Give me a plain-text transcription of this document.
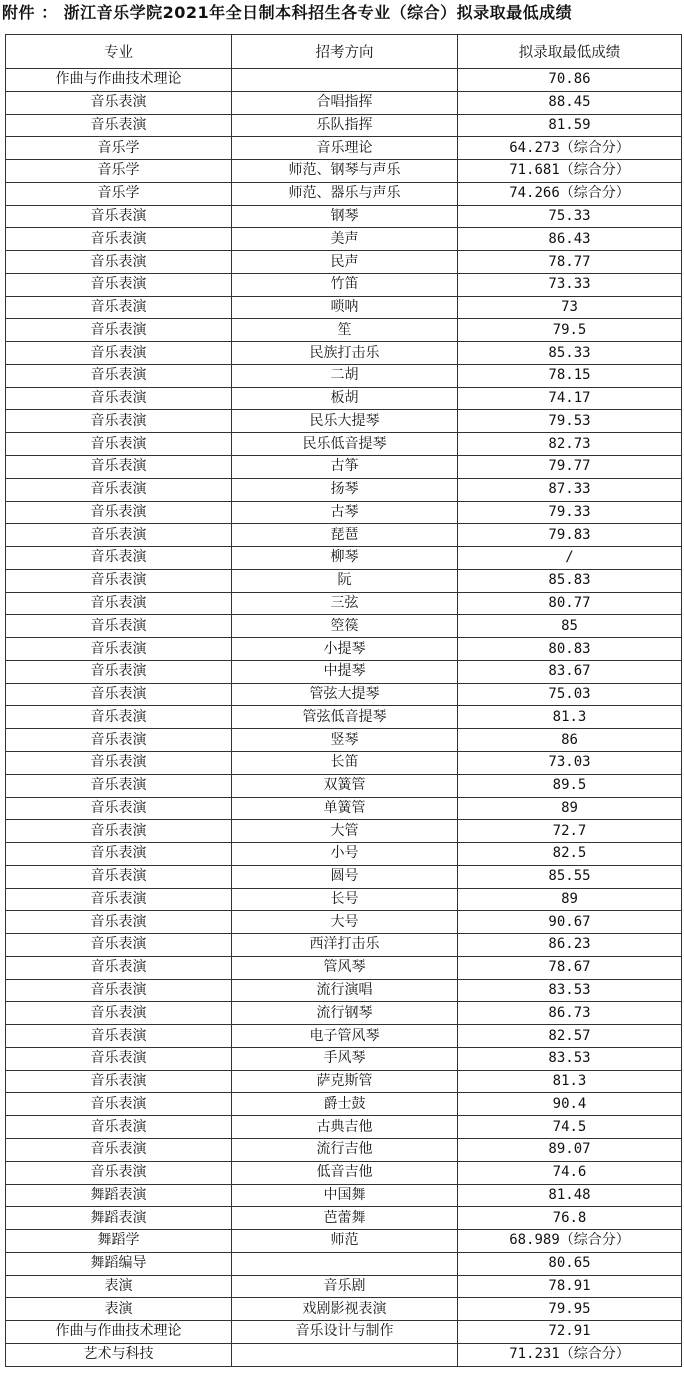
附件 ： 浙江音乐学院2021年全日制本科招生各专业（综合）拟录取最低成绩
专业	招考方向	拟录取最低成绩
作曲与作曲技术理论		70.86
音乐表演	合唱指挥	88.45
音乐表演	乐队指挥	81.59
音乐学	音乐理论	64.273（综合分）
音乐学	师范、钢琴与声乐	71.681（综合分）
音乐学	师范、器乐与声乐	74.266（综合分）
音乐表演	钢琴	75.33
音乐表演	美声	86.43
音乐表演	民声	78.77
音乐表演	竹笛	73.33
音乐表演	唢呐	73
音乐表演	笙	79.5
音乐表演	民族打击乐	85.33
音乐表演	二胡	78.15
音乐表演	板胡	74.17
音乐表演	民乐大提琴	79.53
音乐表演	民乐低音提琴	82.73
音乐表演	古筝	79.77
音乐表演	扬琴	87.33
音乐表演	古琴	79.33
音乐表演	琵琶	79.83
音乐表演	柳琴	/
音乐表演	阮	85.83
音乐表演	三弦	80.77
音乐表演	箜篌	85
音乐表演	小提琴	80.83
音乐表演	中提琴	83.67
音乐表演	管弦大提琴	75.03
音乐表演	管弦低音提琴	81.3
音乐表演	竖琴	86
音乐表演	长笛	73.03
音乐表演	双簧管	89.5
音乐表演	单簧管	89
音乐表演	大管	72.7
音乐表演	小号	82.5
音乐表演	圆号	85.55
音乐表演	长号	89
音乐表演	大号	90.67
音乐表演	西洋打击乐	86.23
音乐表演	管风琴	78.67
音乐表演	流行演唱	83.53
音乐表演	流行钢琴	86.73
音乐表演	电子管风琴	82.57
音乐表演	手风琴	83.53
音乐表演	萨克斯管	81.3
音乐表演	爵士鼓	90.4
音乐表演	古典吉他	74.5
音乐表演	流行吉他	89.07
音乐表演	低音吉他	74.6
舞蹈表演	中国舞	81.48
舞蹈表演	芭蕾舞	76.8
舞蹈学	师范	68.989（综合分）
舞蹈编导		80.65
表演	音乐剧	78.91
表演	戏剧影视表演	79.95
作曲与作曲技术理论	音乐设计与制作	72.91
艺术与科技		71.231（综合分）
